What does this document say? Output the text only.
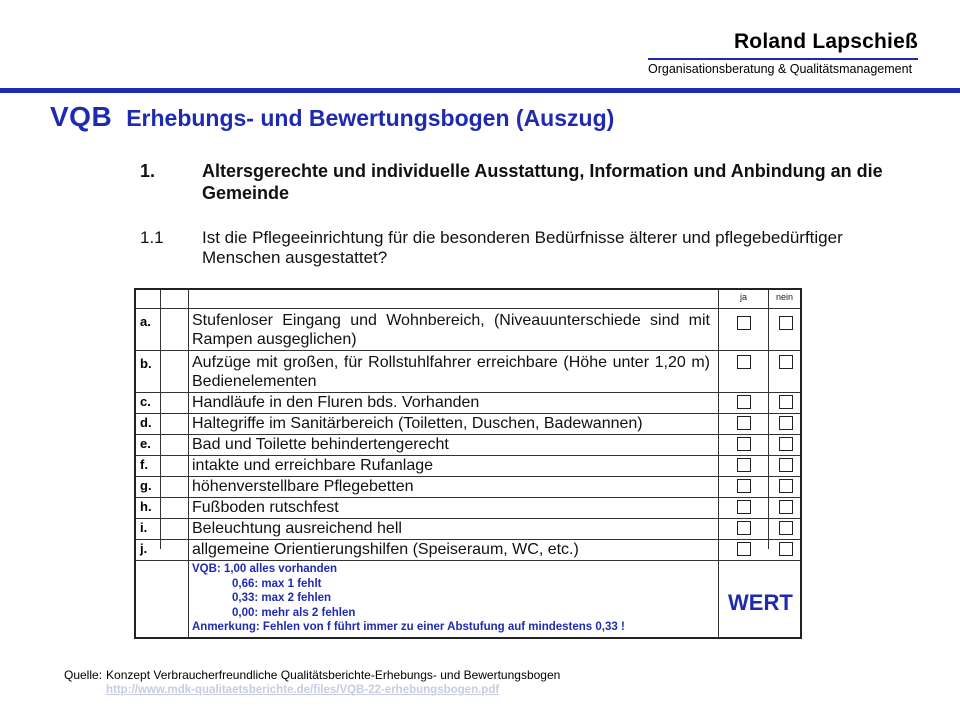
Roland Lapschieß
Organisationsberatung & Qualitätsmanagement
VQB Erhebungs- und Bewertungsbogen (Auszug)
1.	Altersgerechte und individuelle Ausstattung, Information und Anbindung an die Gemeinde
1.1 Ist die Pflegeeinrichtung für die besonderen Bedürfnisse älterer und pflegebedürftiger Menschen ausgestattet?
ja	nein
a.	Stufenloser Eingang und Wohnbereich, (Niveauunterschiede sind mit Rampen ausgeglichen)
b.	Aufzüge mit großen, für Rollstuhlfahrer erreichbare (Höhe unter 1,20 m) Bedienelementen
c.	Handläufe in den Fluren bds. Vorhanden
d.	Haltegriffe im Sanitärbereich (Toiletten, Duschen, Badewannen)
e.	Bad und Toilette behindertengerecht
f.	intakte und erreichbare Rufanlage
g.	höhenverstellbare Pflegebetten
h.	Fußboden rutschfest
i.	Beleuchtung ausreichend hell
j.	allgemeine Orientierungshilfen (Speiseraum, WC, etc.)
VQB: 1,00 alles vorhanden
0,66: max 1 fehlt
0,33: max 2 fehlen
0,00: mehr als 2 fehlen
Anmerkung: Fehlen von f führt immer zu einer Abstufung auf mindestens 0,33 !
WERT
Quelle: Konzept Verbraucherfreundliche Qualitätsberichte-Erhebungs- und Bewertungsbogen
http://www.mdk-qualitaetsberichte.de/files/VQB-22-erhebungsbogen.pdf
